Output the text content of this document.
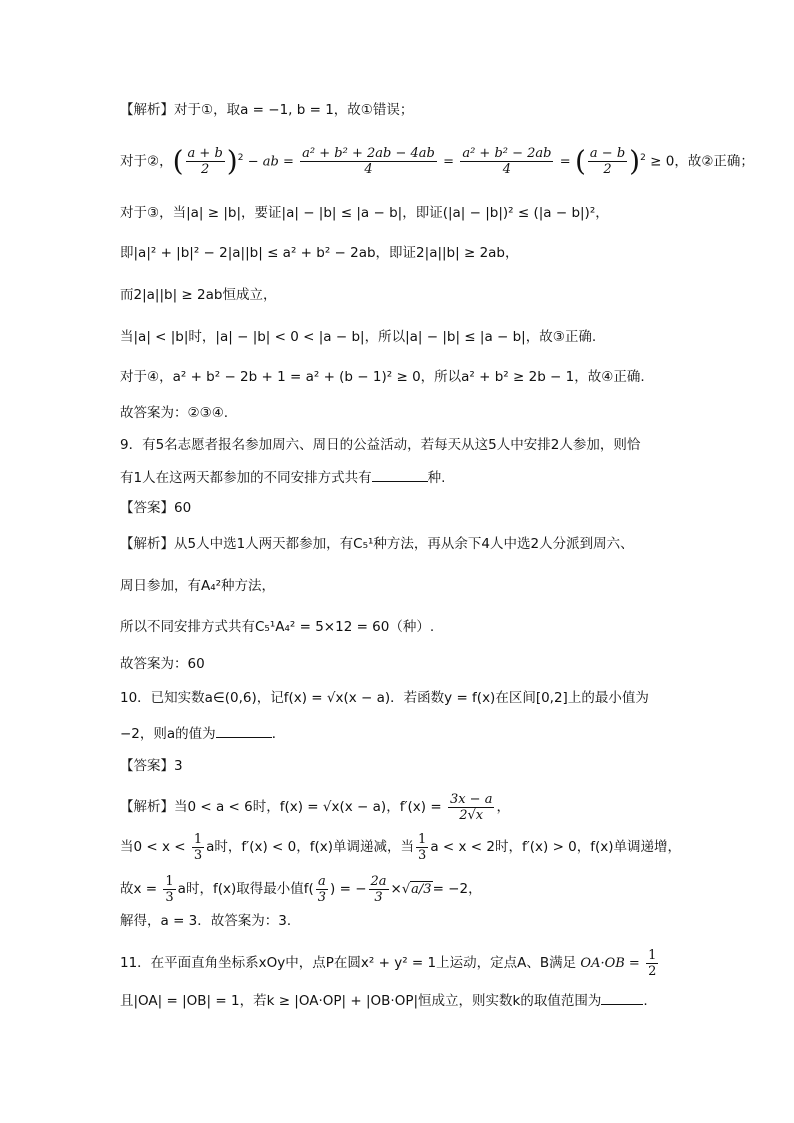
【解析】对于①，取a = −1, b = 1，故①错误；
对于②，( $\frac{a + b}{2} )^2$ − ab = $\frac{\text{a² + b² + 2ab − 4ab}}{4} = \frac{\text{a² + b² − 2ab}}{4}$ = ( $\frac{a - b}{2} )^2 \ge 0$，故②正确；
对于③，当|a| ≥ |b|，要证|a| − |b| ≤ |a − b|，即证(|a| − |b|)² ≤ (|a − b|)²，
即|a|² + |b|² − 2|a||b| ≤ a² + b² − 2ab，即证2|a||b| ≥ 2ab，
而2|a||b| ≥ 2ab恒成立，
当|a| < |b|时，|a| − |b| < 0 < |a − b|，所以|a| − |b| ≤ |a − b|，故③正确.
对于④，a² + b² − 2b + 1 = a² + (b − 1)² ≥ 0，所以a² + b² ≥ 2b − 1，故④正确.
故答案为：②③④.
9．有5名志愿者报名参加周六、周日的公益活动，若每天从这5人中安排2人参加，则恰
有1人在这两天都参加的不同安排方式共有	种.
【答案】60
【解析】从5人中选1人两天都参加，有C₅¹种方法，再从余下4人中选2人分派到周六、
周日参加，有A₄²种方法，
所以不同安排方式共有C₅¹A₄² = 5×12 = 60（种）.
故答案为：60
10．已知实数a∈(0,6)，记f(x) = √x(x − a)．若函数y = f(x)在区间[0,2]上的最小值为
−2，则a的值为	．
【答案】3
【解析】当0 < a < 6时，f(x) = √x(x − a)，$f'(x) = \frac{3x - a}{2√x}$ ，
当$0 < x < \frac{1}{3}$ a时，f′(x) < 0，f(x)单调递减，当 $\frac{1}{3}$ a < x < 2时，f′(x) > 0，f(x)单调递增，
故$x = \frac{1}{3}$ a时，f(x)取得最小值$f( \frac{a}{3}$ ) = − $\frac{2a}{3} \times√a/3= -2$，
解得，a = 3．故答案为：3．
11．在平面直角坐标系xOy中，点P在圆x² + y² = 1上运动，定点A、B满足 $OA\cdot OB = \frac{1}{2}$
且|OA| = |OB| = 1，若k ≥ |OA·OP| + |OB·OP|恒成立，则实数k的取值范围为	.
